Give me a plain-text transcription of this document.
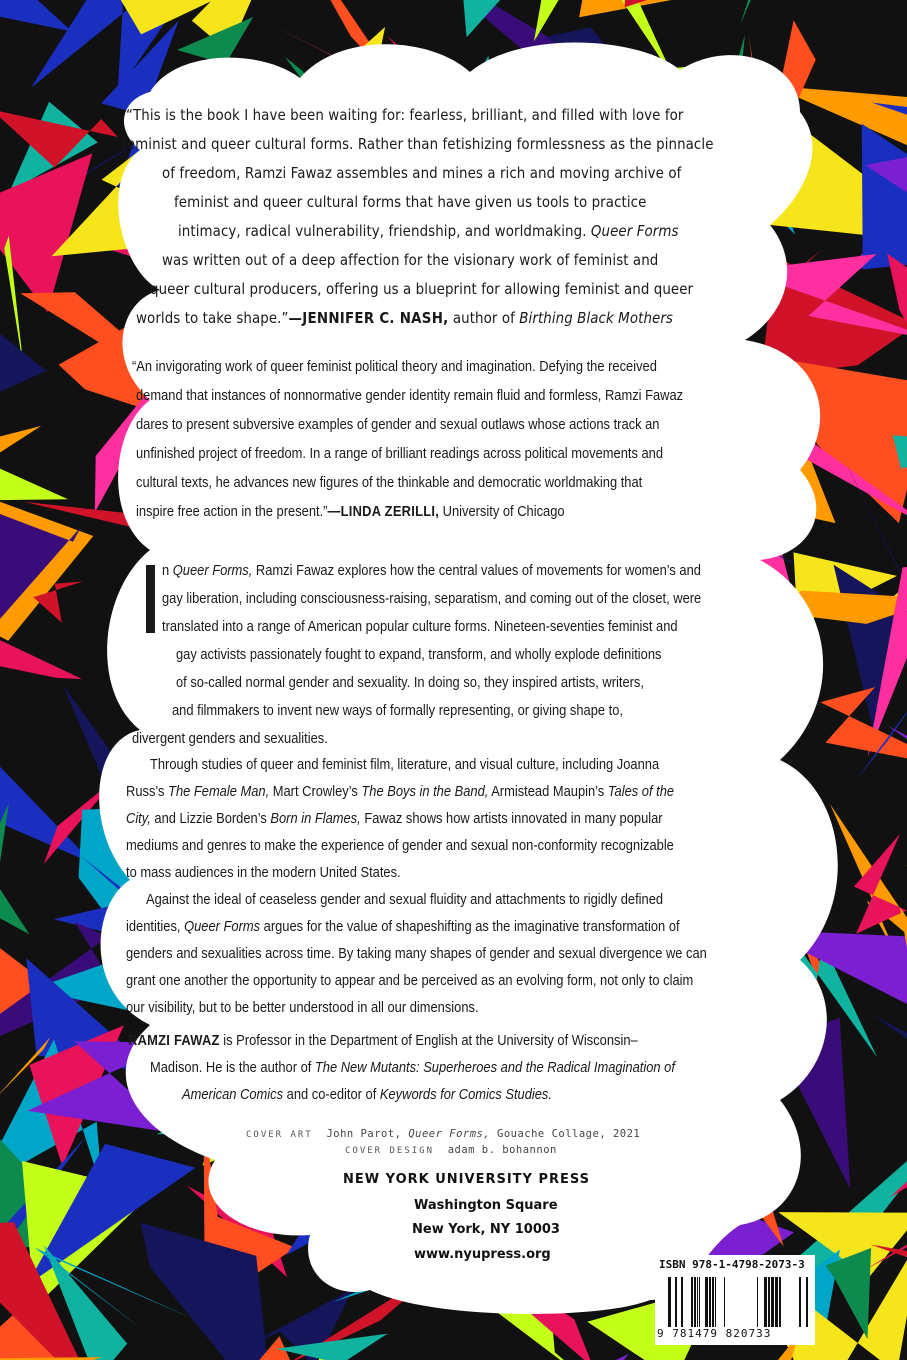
“This is the book I have been waiting for: fearless, brilliant, and filled with love for

feminist and queer cultural forms. Rather than fetishizing formlessness as the pinnacle

of freedom, Ramzi Fawaz assembles and mines a rich and moving archive of

feminist and queer cultural forms that have given us tools to practice

intimacy, radical vulnerability, friendship, and worldmaking. Queer Forms

was written out of a deep affection for the visionary work of feminist and

queer cultural producers, offering us a blueprint for allowing feminist and queer

worlds to take shape.”—JENNIFER C. NASH, author of Birthing Black Mothers

“An invigorating work of queer feminist political theory and imagination. Defying the received

demand that instances of nonnormative gender identity remain fluid and formless, Ramzi Fawaz

dares to present subversive examples of gender and sexual outlaws whose actions track an

unfinished project of freedom. In a range of brilliant readings across political movements and

cultural texts, he advances new figures of the thinkable and democratic worldmaking that

inspire free action in the present.”—LINDA ZERILLI, University of Chicago

n Queer Forms, Ramzi Fawaz explores how the central values of movements for women’s and

gay liberation, including consciousness-raising, separatism, and coming out of the closet, were

translated into a range of American popular culture forms. Nineteen-seventies feminist and

gay activists passionately fought to expand, transform, and wholly explode definitions

of so-called normal gender and sexuality. In doing so, they inspired artists, writers,

and filmmakers to invent new ways of formally representing, or giving shape to,

divergent genders and sexualities.

Through studies of queer and feminist film, literature, and visual culture, including Joanna

Russ’s The Female Man, Mart Crowley’s The Boys in the Band, Armistead Maupin’s Tales of the

City, and Lizzie Borden’s Born in Flames, Fawaz shows how artists innovated in many popular

mediums and genres to make the experience of gender and sexual non-conformity recognizable

to mass audiences in the modern United States.

Against the ideal of ceaseless gender and sexual fluidity and attachments to rigidly defined

identities, Queer Forms argues for the value of shapeshifting as the imaginative transformation of

genders and sexualities across time. By taking many shapes of gender and sexual divergence we can

grant one another the opportunity to appear and be perceived as an evolving form, not only to claim

our visibility, but to be better understood in all our dimensions.

RAMZI FAWAZ is Professor in the Department of English at the University of Wisconsin–

Madison. He is the author of The New Mutants: Superheroes and the Radical Imagination of

American Comics and co-editor of Keywords for Comics Studies.

COVER ART John Parot, Queer Forms, Gouache Collage, 2021

COVER DESIGN adam b. bohannon

NEW YORK UNIVERSITY PRESS

Washington Square

New York, NY 10003

www.nyupress.org

ISBN 978-1-4798-2073-3

9 781479 820733
